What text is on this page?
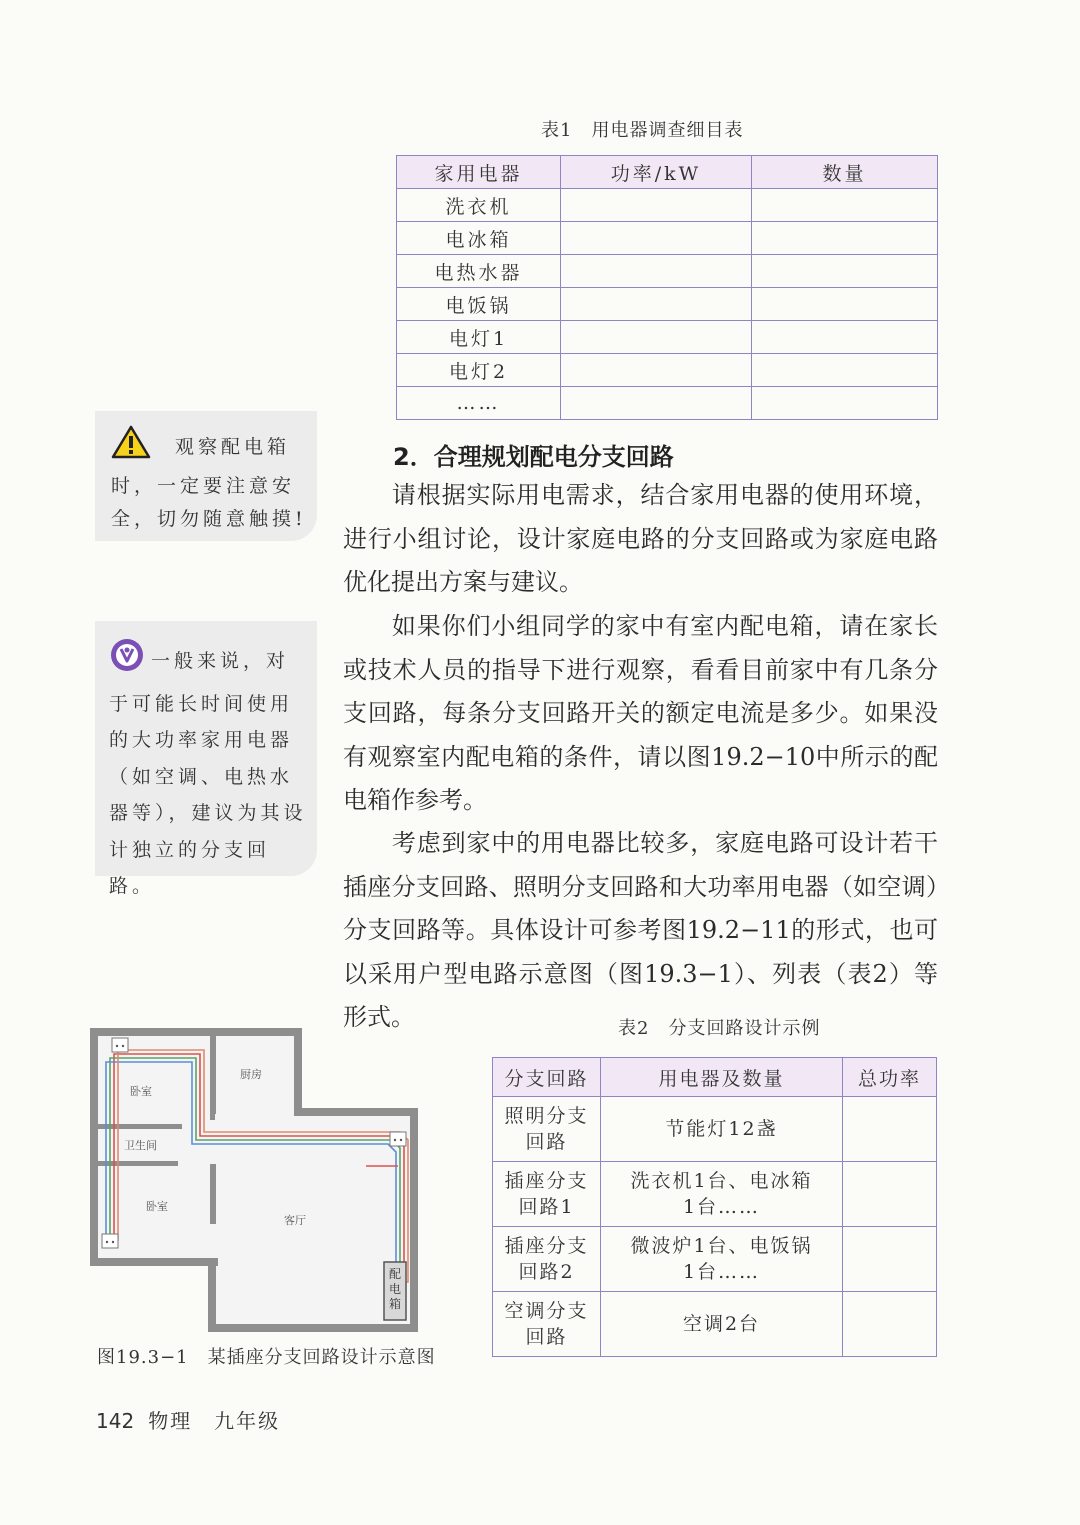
表1　用电器调查细目表
家用电器	功率/kW	数量
洗衣机		
电冰箱		
电热水器		
电饭锅		
电灯1		
电灯2		
……		
观察配电箱时，一定要注意安全，切勿随意触摸!
一般来说，对于可能长时间使用的大功率家用电器（如空调、电热水器等），建议为其设计独立的分支回路。
2．合理规划配电分支回路
请根据实际用电需求，结合家用电器的使用环境，进行小组讨论，设计家庭电路的分支回路或为家庭电路优化提出方案与建议。
如果你们小组同学的家中有室内配电箱，请在家长或技术人员的指导下进行观察，看看目前家中有几条分支回路，每条分支回路开关的额定电流是多少。如果没有观察室内配电箱的条件，请以图19.2−10中所示的配电箱作参考。
考虑到家中的用电器比较多，家庭电路可设计若干插座分支回路、照明分支回路和大功率用电器（如空调）分支回路等。具体设计可参考图19.2−11的形式，也可以采用户型电路示意图（图19.3−1）、列表（表2）等形式。
卧室
厨房
卫生间
卧室
客厅
配电箱
图19.3−1　某插座分支回路设计示意图
表2　分支回路设计示例
分支回路	用电器及数量	总功率
照明分支回路	节能灯12盏	
插座分支回路1	洗衣机1台、电冰箱1台……	
插座分支回路2	微波炉1台、电饭锅1台……	
空调分支回路	空调2台	
142 物理　九年级
